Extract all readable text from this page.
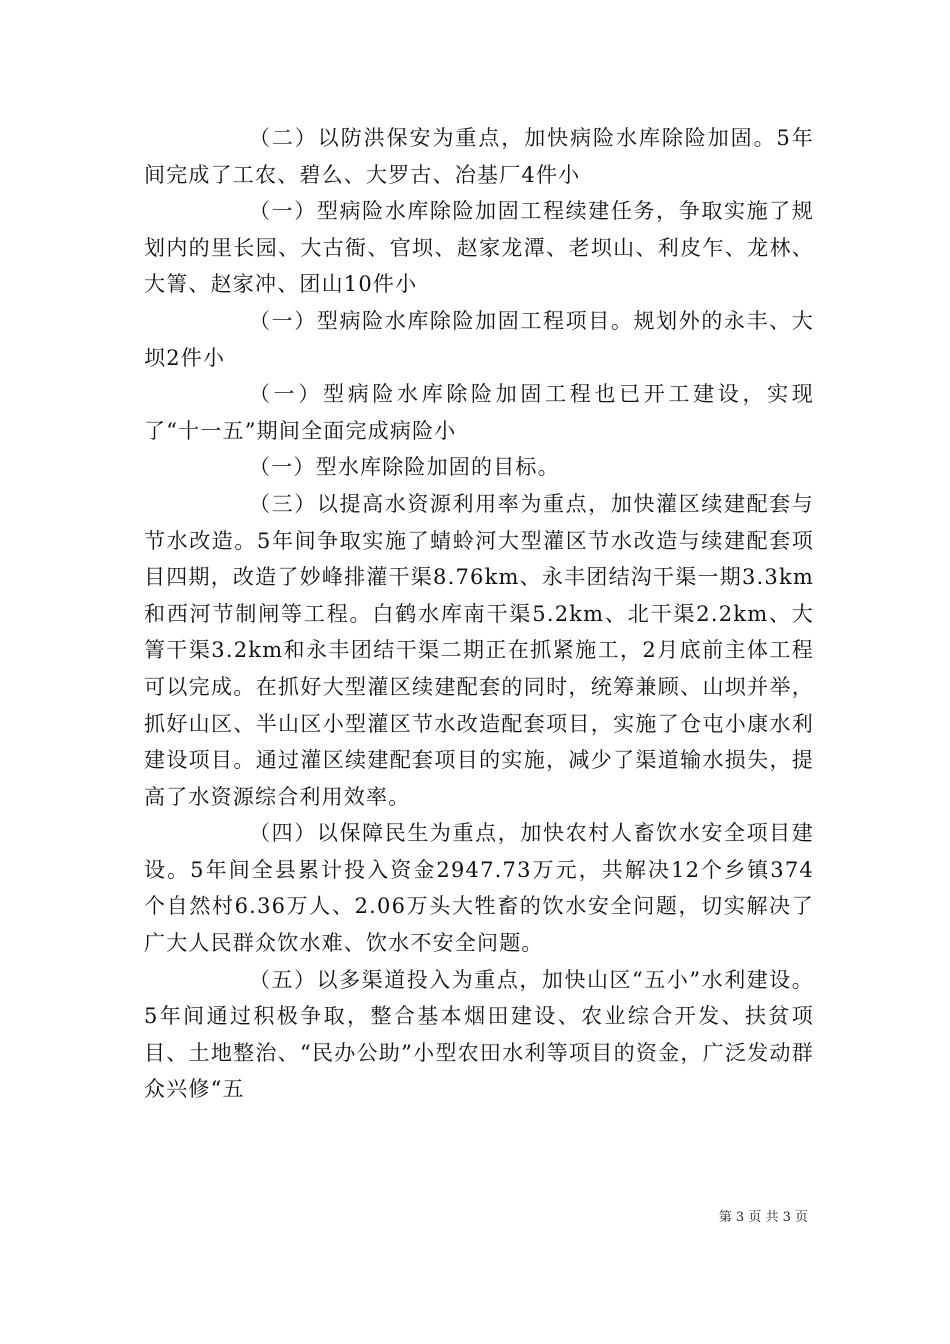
（二）以防洪保安为重点，加快病险水库除险加固。5年间完成了工农、碧么、大罗古、冶基厂4件小

（一）型病险水库除险加固工程续建任务，争取实施了规划内的里长园、大古衙、官坝、赵家龙潭、老坝山、利皮乍、龙林、大箐、赵家冲、团山10件小

（一）型病险水库除险加固工程项目。规划外的永丰、大坝2件小

（一）型病险水库除险加固工程也已开工建设，实现了“十一五”期间全面完成病险小

（一）型水库除险加固的目标。

（三）以提高水资源利用率为重点，加快灌区续建配套与节水改造。5年间争取实施了蜻蛉河大型灌区节水改造与续建配套项目四期，改造了妙峰排灌干渠8.76km、永丰团结沟干渠一期3.3km和西河节制闸等工程。白鹤水库南干渠5.2km、北干渠2.2km、大箐干渠3.2km和永丰团结干渠二期正在抓紧施工，2月底前主体工程可以完成。在抓好大型灌区续建配套的同时，统筹兼顾、山坝并举，抓好山区、半山区小型灌区节水改造配套项目，实施了仓屯小康水利建设项目。通过灌区续建配套项目的实施，减少了渠道输水损失，提高了水资源综合利用效率。

（四）以保障民生为重点，加快农村人畜饮水安全项目建设。5年间全县累计投入资金2947.73万元，共解决12个乡镇374个自然村6.36万人、2.06万头大牲畜的饮水安全问题，切实解决了广大人民群众饮水难、饮水不安全问题。

（五）以多渠道投入为重点，加快山区“五小”水利建设。5年间通过积极争取，整合基本烟田建设、农业综合开发、扶贫项目、土地整治、“民办公助”小型农田水利等项目的资金，广泛发动群众兴修“五

第 3 页 共 3 页
